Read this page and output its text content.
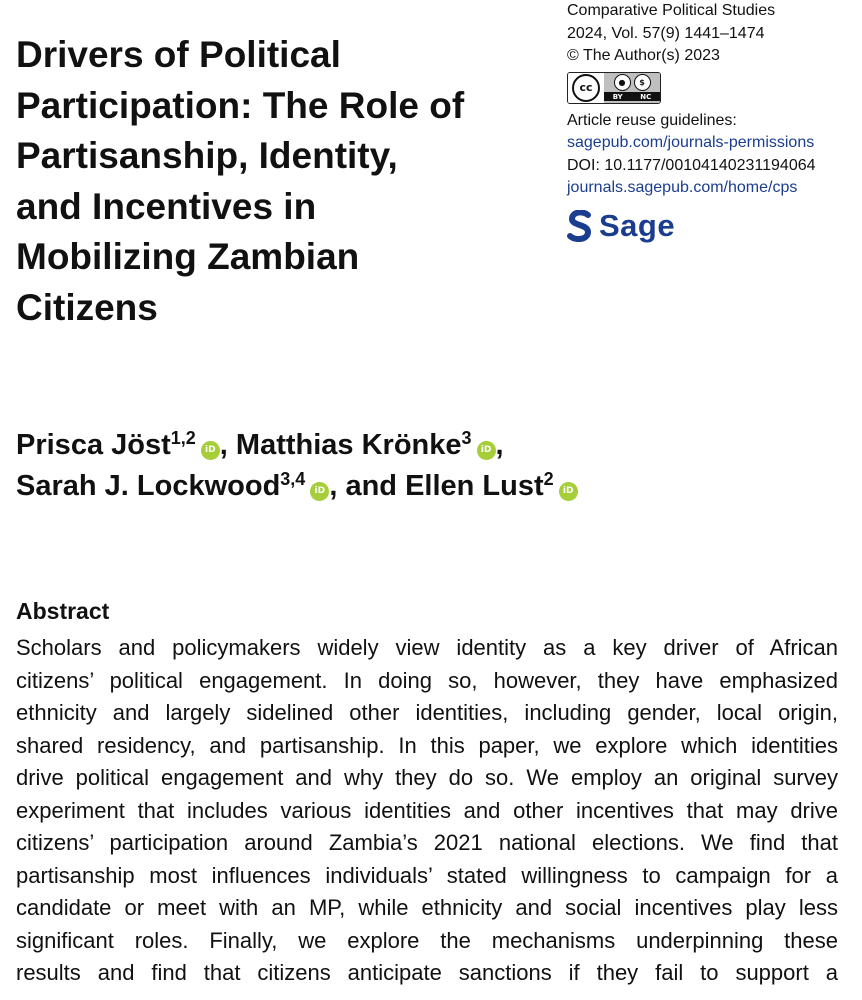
Comparative Political Studies
2024, Vol. 57(9) 1441–1474
© The Author(s) 2023
cc	●	$
BY NC
Article reuse guidelines:
sagepub.com/journals-permissions
DOI: 10.1177/00104140231194064
journals.sagepub.com/home/cps
Sage
Drivers of Political
Participation: The Role of
Partisanship, Identity,
and Incentives in
Mobilizing Zambian
Citizens
Prisca Jöst$^{1,2}$iD , Matthias Krönke$^3$iD ,
Sarah J. Lockwood$^{3,4}$iD , and Ellen Lust$^2$iD
Abstract
Scholars and policymakers widely view identity as a key driver of African
citizens’ political engagement. In doing so, however, they have emphasized
ethnicity and largely sidelined other identities, including gender, local origin,
shared residency, and partisanship. In this paper, we explore which identities
drive political engagement and why they do so. We employ an original survey
experiment that includes various identities and other incentives that may drive
citizens’ participation around Zambia’s 2021 national elections. We find that
partisanship most influences individuals’ stated willingness to campaign for a
candidate or meet with an MP, while ethnicity and social incentives play less
significant roles. Finally, we explore the mechanisms underpinning these
results and find that citizens anticipate sanctions if they fail to support a
